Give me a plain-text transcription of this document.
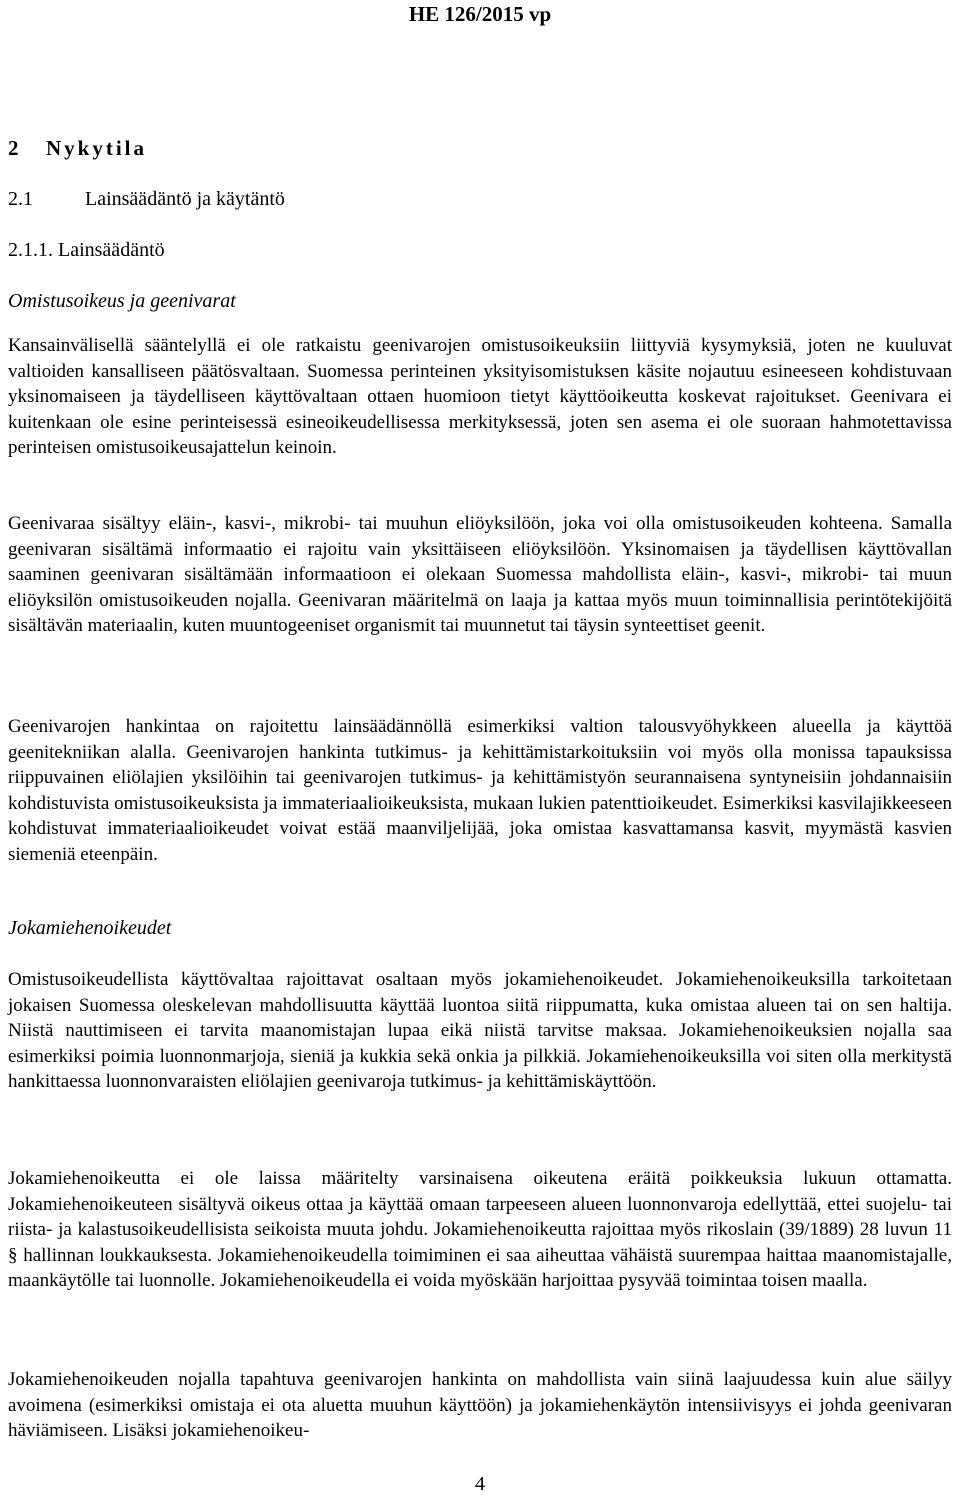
HE 126/2015 vp
2 Nykytila
2.1	Lainsäädäntö ja käytäntö
2.1.1. Lainsäädäntö
Omistusoikeus ja geenivarat

Kansainvälisellä sääntelyllä ei ole ratkaistu geenivarojen omistusoikeuksiin liittyviä kysymyksiä, joten ne kuuluvat valtioiden kansalliseen päätösvaltaan. Suomessa perinteinen yksityisomistuksen käsite nojautuu esineeseen kohdistuvaan yksinomaiseen ja täydelliseen käyttövaltaan ottaen huomioon tietyt käyttöoikeutta koskevat rajoitukset. Geenivara ei kuitenkaan ole esine perinteisessä esineoikeudellisessa merkityksessä, joten sen asema ei ole suoraan hahmotettavissa perinteisen omistusoikeusajattelun keinoin.

Geenivaraa sisältyy eläin-, kasvi-, mikrobi- tai muuhun eliöyksilöön, joka voi olla omistusoikeuden kohteena. Samalla geenivaran sisältämä informaatio ei rajoitu vain yksittäiseen eliöyksilöön. Yksinomaisen ja täydellisen käyttövallan saaminen geenivaran sisältämään informaatioon ei olekaan Suomessa mahdollista eläin-, kasvi-, mikrobi- tai muun eliöyksilön omistusoikeuden nojalla. Geenivaran määritelmä on laaja ja kattaa myös muun toiminnallisia perintötekijöitä sisältävän materiaalin, kuten muuntogeeniset organismit tai muunnetut tai täysin synteettiset geenit.

Geenivarojen hankintaa on rajoitettu lainsäädännöllä esimerkiksi valtion talousvyöhykkeen alueella ja käyttöä geenitekniikan alalla. Geenivarojen hankinta tutkimus- ja kehittämistarkoituksiin voi myös olla monissa tapauksissa riippuvainen eliölajien yksilöihin tai geenivarojen tutkimus- ja kehittämistyön seurannaisena syntyneisiin johdannaisiin kohdistuvista omistusoikeuksista ja immateriaalioikeuksista, mukaan lukien patenttioikeudet. Esimerkiksi kasvilajikkeeseen kohdistuvat immateriaalioikeudet voivat estää maanviljelijää, joka omistaa kasvattamansa kasvit, myymästä kasvien siemeniä eteenpäin.

Jokamiehenoikeudet

Omistusoikeudellista käyttövaltaa rajoittavat osaltaan myös jokamiehenoikeudet. Jokamiehenoikeuksilla tarkoitetaan jokaisen Suomessa oleskelevan mahdollisuutta käyttää luontoa siitä riippumatta, kuka omistaa alueen tai on sen haltija. Niistä nauttimiseen ei tarvita maanomistajan lupaa eikä niistä tarvitse maksaa. Jokamiehenoikeuksien nojalla saa esimerkiksi poimia luonnonmarjoja, sieniä ja kukkia sekä onkia ja pilkkiä. Jokamiehenoikeuksilla voi siten olla merkitystä hankittaessa luonnonvaraisten eliölajien geenivaroja tutkimus- ja kehittämiskäyttöön.

Jokamiehenoikeutta ei ole laissa määritelty varsinaisena oikeutena eräitä poikkeuksia lukuun ottamatta. Jokamiehenoikeuteen sisältyvä oikeus ottaa ja käyttää omaan tarpeeseen alueen luonnonvaroja edellyttää, ettei suojelu- tai riista- ja kalastusoikeudellisista seikoista muuta johdu. Jokamiehenoikeutta rajoittaa myös rikoslain (39/1889) 28 luvun 11 § hallinnan loukkauksesta. Jokamiehenoikeudella toimiminen ei saa aiheuttaa vähäistä suurempaa haittaa maanomistajalle, maankäytölle tai luonnolle. Jokamiehenoikeudella ei voida myöskään harjoittaa pysyvää toimintaa toisen maalla.

Jokamiehenoikeuden nojalla tapahtuva geenivarojen hankinta on mahdollista vain siinä laajuudessa kuin alue säilyy avoimena (esimerkiksi omistaja ei ota aluetta muuhun käyttöön) ja jokamiehenkäytön intensiivisyys ei johda geenivaran häviämiseen. Lisäksi jokamiehenoikeu-

4
